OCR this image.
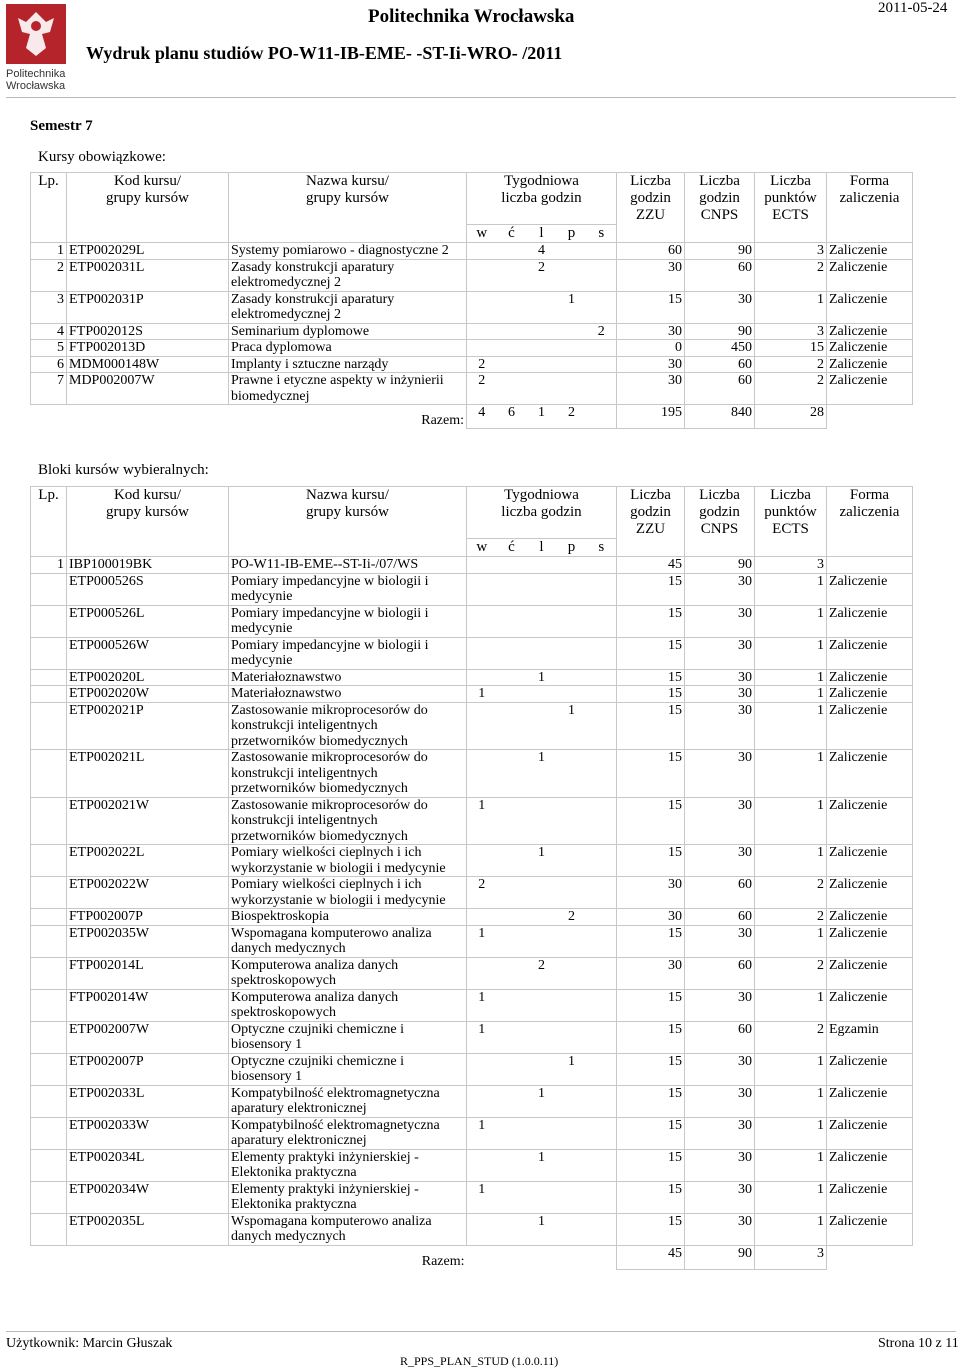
Politechnika
Wrocławska
Politechnika Wrocławska
Wydruk planu studiów PO-W11-IB-EME- -ST-Ii-WRO- /2011
2011-05-24
Semestr 7
Kursy obowiązkowe:
Lp.	Kod kursu/
grupy kursów	Nazwa kursu/
grupy kursów	Tygodniowa
liczba godzin					Liczba
godzin
ZZU	Liczba
godzin
CNPS	Liczba
punktów
ECTS	Forma
zaliczenia
			w	ć	l	p	s				
1	ETP002029L	Systemy pomiarowo - diagnostyczne 2			4			60	90	3	Zaliczenie
2	ETP002031L	Zasady konstrukcji aparatury elektromedycznej 2			2			30	60	2	Zaliczenie
3	ETP002031P	Zasady konstrukcji aparatury elektromedycznej 2				1		15	30	1	Zaliczenie
4	FTP002012S	Seminarium dyplomowe					2	30	90	3	Zaliczenie
5	FTP002013D	Praca dyplomowa						0	450	15	Zaliczenie
6	MDM000148W	Implanty i sztuczne narządy	2					30	60	2	Zaliczenie
7	MDP002007W	Prawne i etyczne aspekty w inżynierii biomedycznej	2					30	60	2	Zaliczenie
		Razem:	4	6	1	2		195	840	28	
Bloki kursów wybieralnych:
Lp.	Kod kursu/
grupy kursów	Nazwa kursu/
grupy kursów	Tygodniowa
liczba godzin					Liczba
godzin
ZZU	Liczba
godzin
CNPS	Liczba
punktów
ECTS	Forma
zaliczenia
			w	ć	l	p	s				
1	IBP100019BK	PO-W11-IB-EME--ST-Ii-/07/WS						45	90	3	
	ETP000526S	Pomiary impedancyjne w biologii i medycynie						15	30	1	Zaliczenie
	ETP000526L	Pomiary impedancyjne w biologii i medycynie						15	30	1	Zaliczenie
	ETP000526W	Pomiary impedancyjne w biologii i medycynie						15	30	1	Zaliczenie
	ETP002020L	Materiałoznawstwo			1			15	30	1	Zaliczenie
	ETP002020W	Materiałoznawstwo	1					15	30	1	Zaliczenie
	ETP002021P	Zastosowanie mikroprocesorów do konstrukcji inteligentnych przetworników biomedycznych				1		15	30	1	Zaliczenie
	ETP002021L	Zastosowanie mikroprocesorów do konstrukcji inteligentnych przetworników biomedycznych			1			15	30	1	Zaliczenie
	ETP002021W	Zastosowanie mikroprocesorów do konstrukcji inteligentnych przetworników biomedycznych	1					15	30	1	Zaliczenie
	ETP002022L	Pomiary wielkości cieplnych i ich wykorzystanie w biologii i medycynie			1			15	30	1	Zaliczenie
	ETP002022W	Pomiary wielkości cieplnych i ich wykorzystanie w biologii i medycynie	2					30	60	2	Zaliczenie
	FTP002007P	Biospektroskopia				2		30	60	2	Zaliczenie
	ETP002035W	Wspomagana komputerowo analiza danych medycznych	1					15	30	1	Zaliczenie
	FTP002014L	Komputerowa analiza danych spektroskopowych			2			30	60	2	Zaliczenie
	FTP002014W	Komputerowa analiza danych spektroskopowych	1					15	30	1	Zaliczenie
	ETP002007W	Optyczne czujniki chemiczne i biosensory 1	1					15	60	2	Egzamin
	ETP002007P	Optyczne czujniki chemiczne i biosensory 1				1		15	30	1	Zaliczenie
	ETP002033L	Kompatybilność elektromagnetyczna aparatury elektronicznej			1			15	30	1	Zaliczenie
	ETP002033W	Kompatybilność elektromagnetyczna aparatury elektronicznej	1					15	30	1	Zaliczenie
	ETP002034L	Elementy praktyki inżynierskiej - Elektonika praktyczna			1			15	30	1	Zaliczenie
	ETP002034W	Elementy praktyki inżynierskiej - Elektonika praktyczna	1					15	30	1	Zaliczenie
	ETP002035L	Wspomagana komputerowo analiza danych medycznych			1			15	30	1	Zaliczenie
		Razem:						45	90	3	
Użytkownik: Marcin Głuszak	Strona 10 z 11
R_PPS_PLAN_STUD (1.0.0.11)
